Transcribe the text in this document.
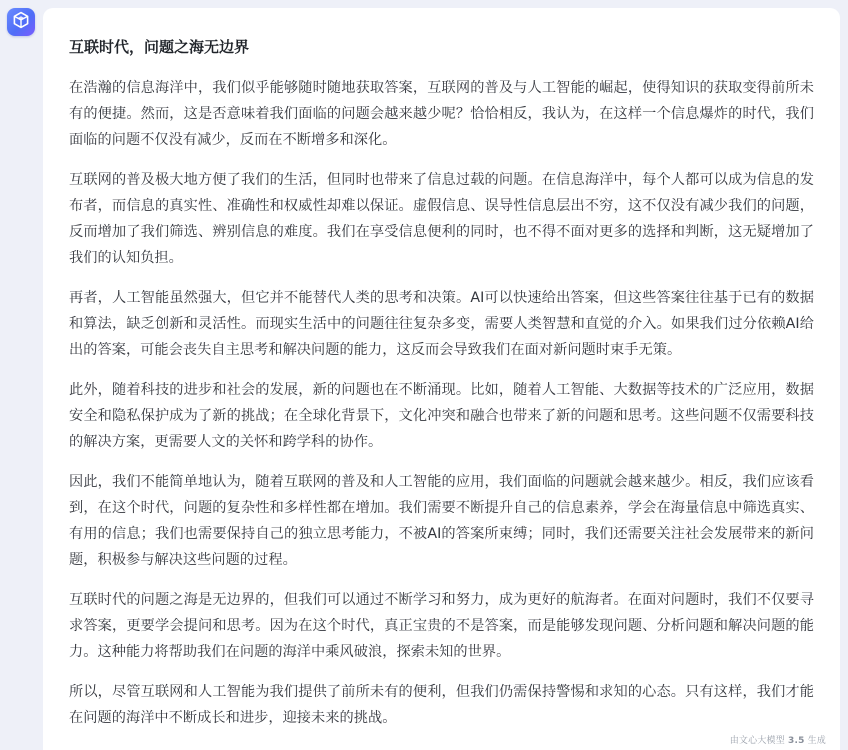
互联时代，问题之海无边界

在浩瀚的信息海洋中，我们似乎能够随时随地获取答案，互联网的普及与人工智能的崛起，使得知识的获取变得前所未有的便捷。然而，这是否意味着我们面临的问题会越来越少呢？恰恰相反，我认为，在这样一个信息爆炸的时代，我们面临的问题不仅没有减少，反而在不断增多和深化。

互联网的普及极大地方便了我们的生活，但同时也带来了信息过载的问题。在信息海洋中，每个人都可以成为信息的发布者，而信息的真实性、准确性和权威性却难以保证。虚假信息、误导性信息层出不穷，这不仅没有减少我们的问题，反而增加了我们筛选、辨别信息的难度。我们在享受信息便利的同时，也不得不面对更多的选择和判断，这无疑增加了我们的认知负担。

再者，人工智能虽然强大，但它并不能替代人类的思考和决策。AI可以快速给出答案，但这些答案往往基于已有的数据和算法，缺乏创新和灵活性。而现实生活中的问题往往复杂多变，需要人类智慧和直觉的介入。如果我们过分依赖AI给出的答案，可能会丧失自主思考和解决问题的能力，这反而会导致我们在面对新问题时束手无策。

此外，随着科技的进步和社会的发展，新的问题也在不断涌现。比如，随着人工智能、大数据等技术的广泛应用，数据安全和隐私保护成为了新的挑战；在全球化背景下，文化冲突和融合也带来了新的问题和思考。这些问题不仅需要科技的解决方案，更需要人文的关怀和跨学科的协作。

因此，我们不能简单地认为，随着互联网的普及和人工智能的应用，我们面临的问题就会越来越少。相反，我们应该看到，在这个时代，问题的复杂性和多样性都在增加。我们需要不断提升自己的信息素养，学会在海量信息中筛选真实、有用的信息；我们也需要保持自己的独立思考能力，不被AI的答案所束缚；同时，我们还需要关注社会发展带来的新问题，积极参与解决这些问题的过程。

互联时代的问题之海是无边界的，但我们可以通过不断学习和努力，成为更好的航海者。在面对问题时，我们不仅要寻求答案，更要学会提问和思考。因为在这个时代，真正宝贵的不是答案，而是能够发现问题、分析问题和解决问题的能力。这种能力将帮助我们在问题的海洋中乘风破浪，探索未知的世界。

所以，尽管互联网和人工智能为我们提供了前所未有的便利，但我们仍需保持警惕和求知的心态。只有这样，我们才能在问题的海洋中不断成长和进步，迎接未来的挑战。

由文心大模型 3.5 生成
